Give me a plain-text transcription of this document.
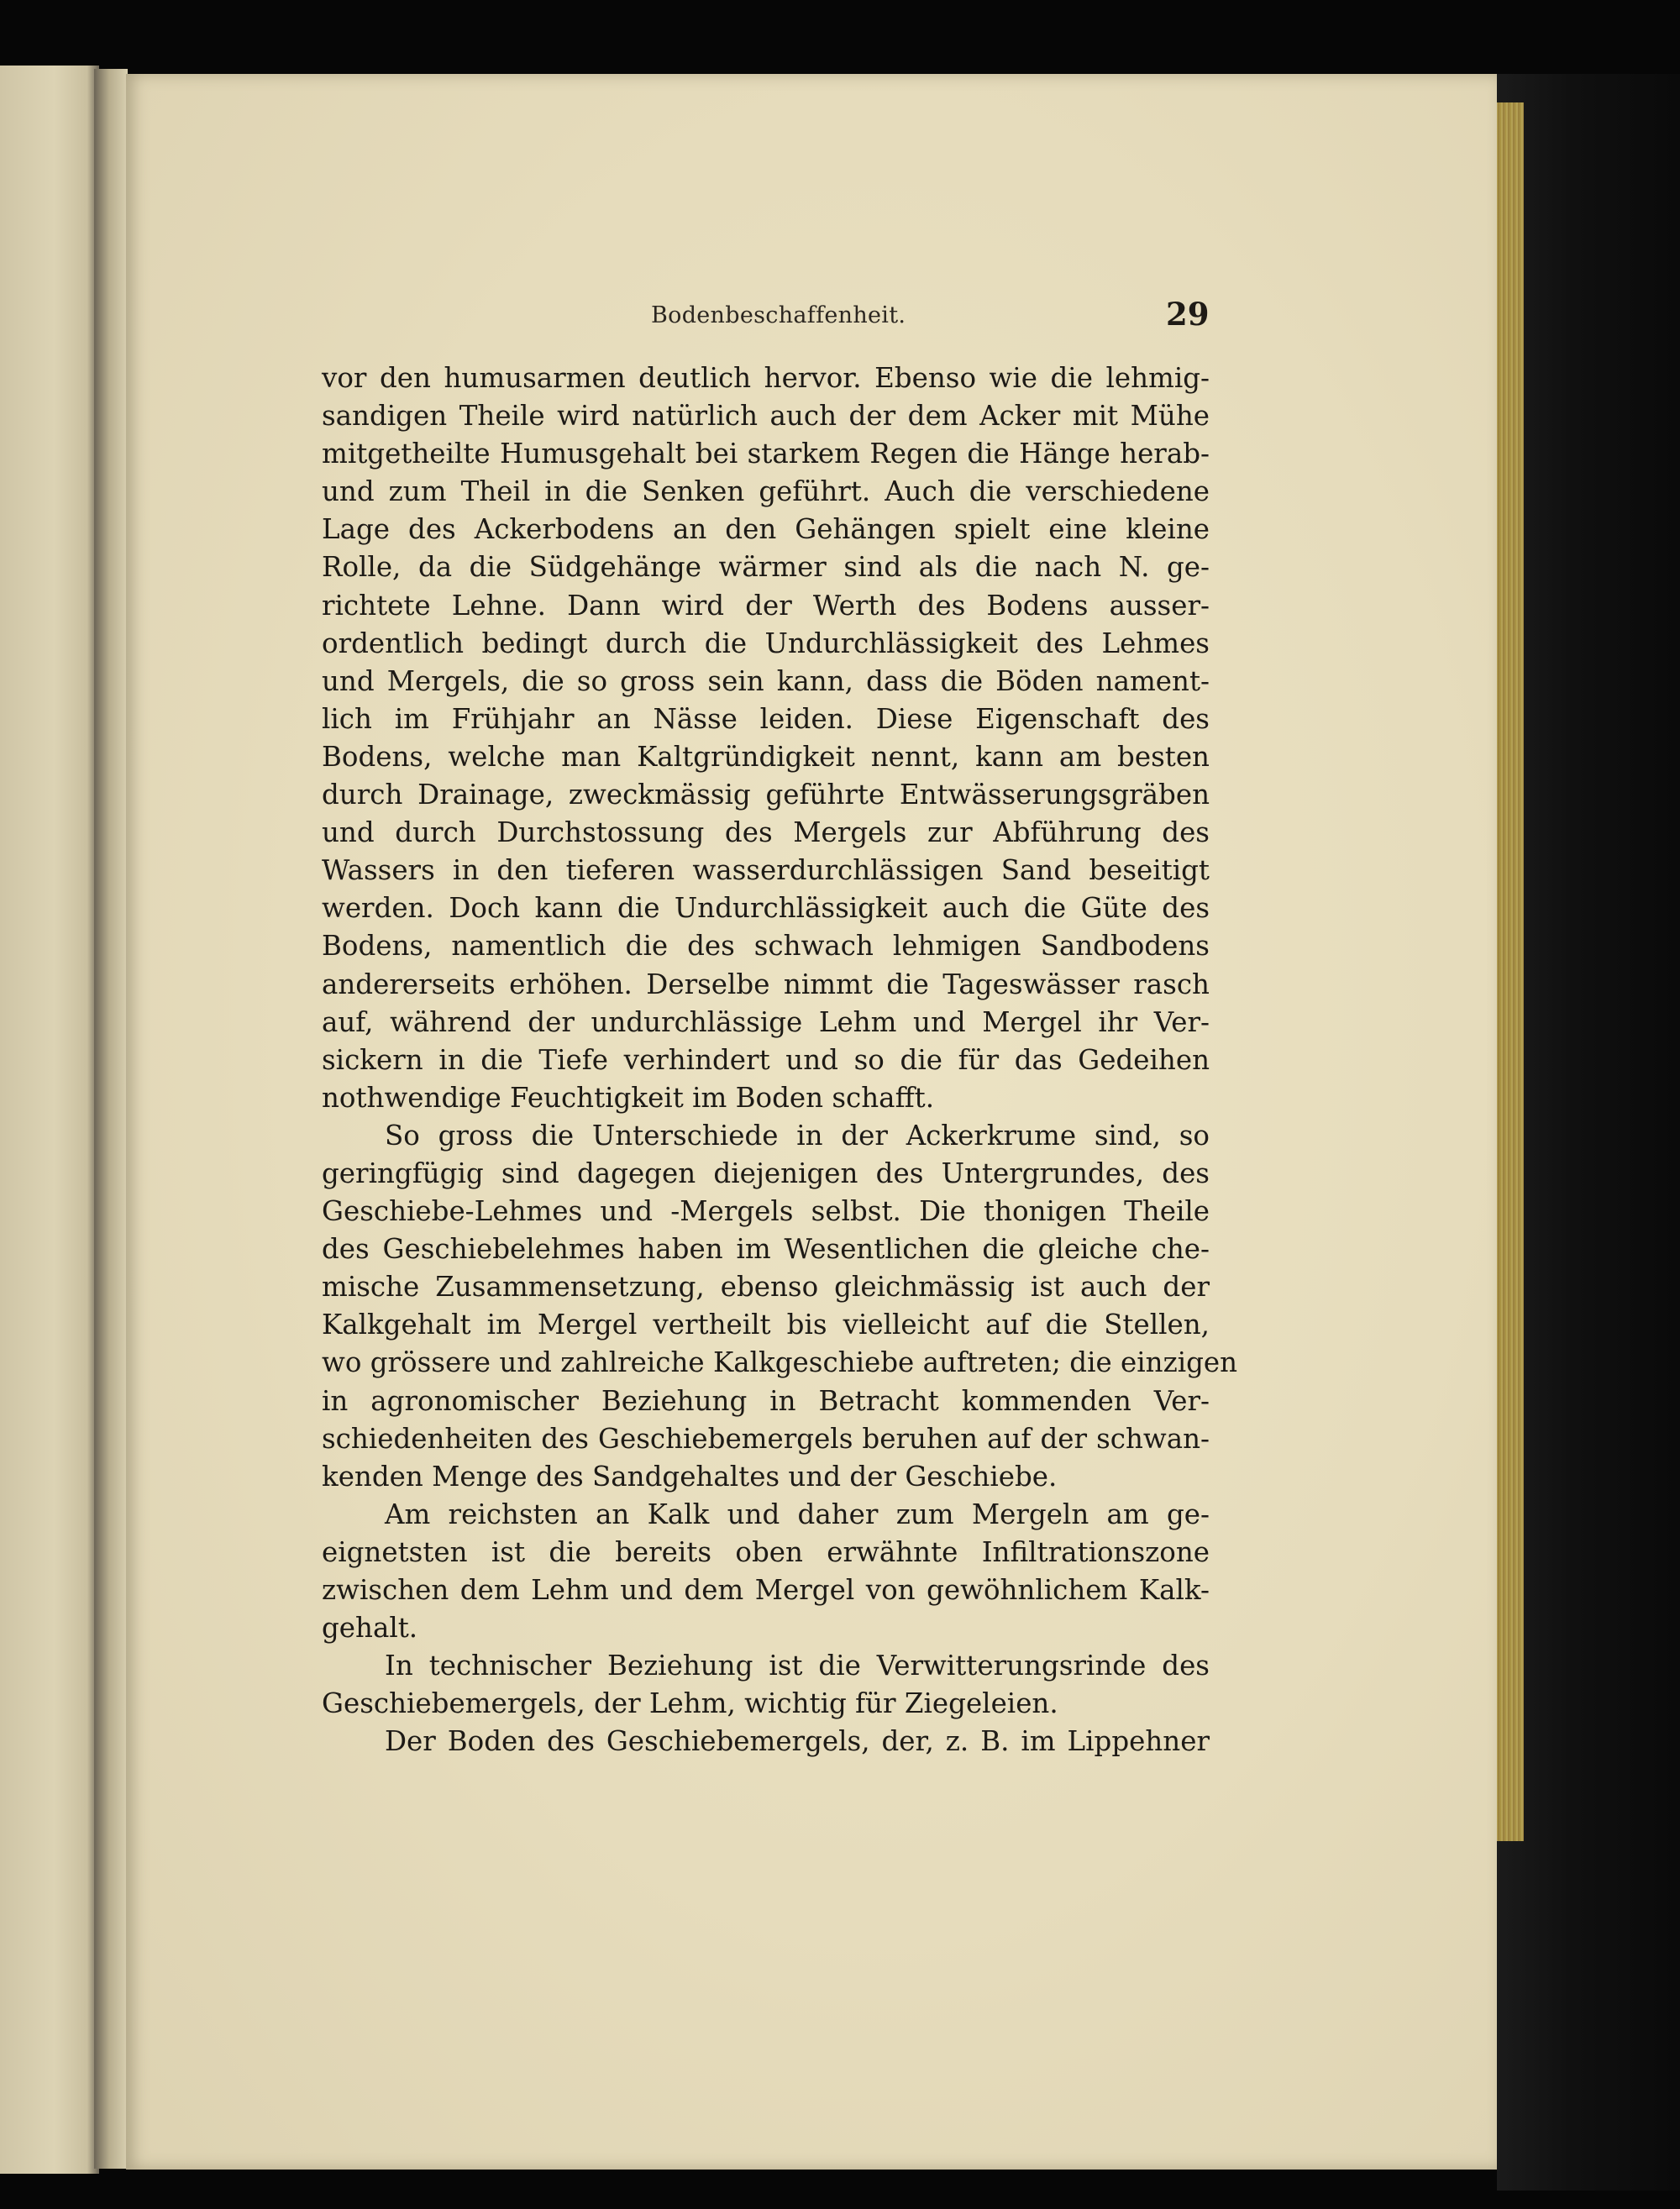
Bodenbeschaffenheit.	29
vor den humusarmen deutlich hervor. Ebenso wie die lehmig-
sandigen Theile wird natürlich auch der dem Acker mit Mühe
mitgetheilte Humusgehalt bei starkem Regen die Hänge herab-
und zum Theil in die Senken geführt. Auch die verschiedene
Lage des Ackerbodens an den Gehängen spielt eine kleine
Rolle, da die Südgehänge wärmer sind als die nach N. ge-
richtete Lehne. Dann wird der Werth des Bodens ausser-
ordentlich bedingt durch die Undurchlässigkeit des Lehmes
und Mergels, die so gross sein kann, dass die Böden nament-
lich im Frühjahr an Nässe leiden. Diese Eigenschaft des
Bodens, welche man Kaltgründigkeit nennt, kann am besten
durch Drainage, zweckmässig geführte Entwässerungsgräben
und durch Durchstossung des Mergels zur Abführung des
Wassers in den tieferen wasserdurchlässigen Sand beseitigt
werden. Doch kann die Undurchlässigkeit auch die Güte des
Bodens, namentlich die des schwach lehmigen Sandbodens
andererseits erhöhen. Derselbe nimmt die Tageswässer rasch
auf, während der undurchlässige Lehm und Mergel ihr Ver-
sickern in die Tiefe verhindert und so die für das Gedeihen
nothwendige Feuchtigkeit im Boden schafft.
So gross die Unterschiede in der Ackerkrume sind, so
geringfügig sind dagegen diejenigen des Untergrundes, des
Geschiebe-Lehmes und -Mergels selbst. Die thonigen Theile
des Geschiebelehmes haben im Wesentlichen die gleiche che-
mische Zusammensetzung, ebenso gleichmässig ist auch der
Kalkgehalt im Mergel vertheilt bis vielleicht auf die Stellen,
wo grössere und zahlreiche Kalkgeschiebe auftreten; die einzigen
in agronomischer Beziehung in Betracht kommenden Ver-
schiedenheiten des Geschiebemergels beruhen auf der schwan-
kenden Menge des Sandgehaltes und der Geschiebe.
Am reichsten an Kalk und daher zum Mergeln am ge-
eignetsten ist die bereits oben erwähnte Infiltrationszone
zwischen dem Lehm und dem Mergel von gewöhnlichem Kalk-
gehalt.
In technischer Beziehung ist die Verwitterungsrinde des
Geschiebemergels, der Lehm, wichtig für Ziegeleien.
Der Boden des Geschiebemergels, der, z. B. im Lippehner
